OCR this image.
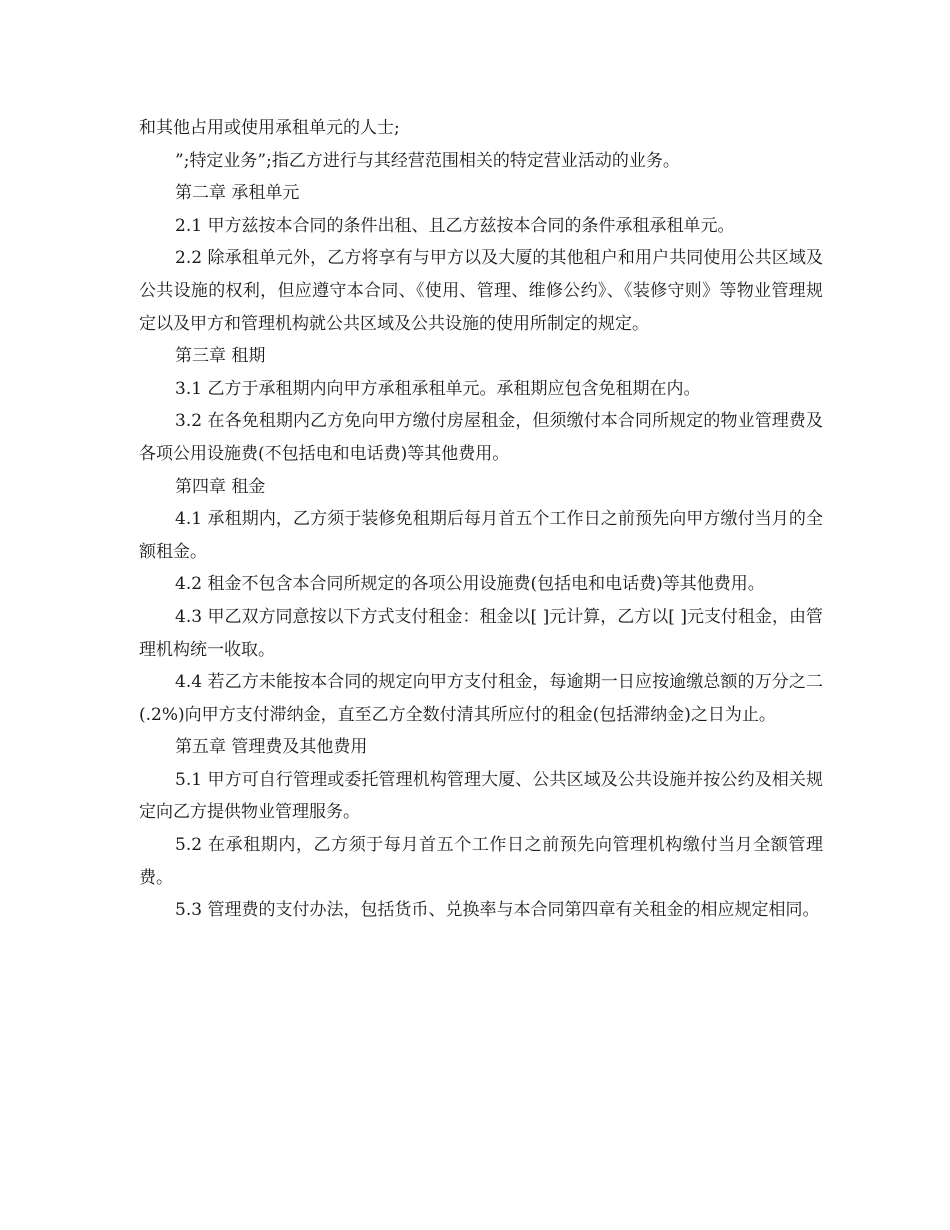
和其他占用或使用承租单元的人士;

”;特定业务”;指乙方进行与其经营范围相关的特定营业活动的业务。

第二章 承租单元

2.1 甲方兹按本合同的条件出租、且乙方兹按本合同的条件承租承租单元。

2.2 除承租单元外，乙方将享有与甲方以及大厦的其他租户和用户共同使用公共区域及公共设施的权利，但应遵守本合同、《使用、管理、维修公约》、《装修守则》等物业管理规定以及甲方和管理机构就公共区域及公共设施的使用所制定的规定。

第三章 租期

3.1 乙方于承租期内向甲方承租承租单元。承租期应包含免租期在内。

3.2 在各免租期内乙方免向甲方缴付房屋租金，但须缴付本合同所规定的物业管理费及各项公用设施费(不包括电和电话费)等其他费用。

第四章 租金

4.1 承租期内，乙方须于装修免租期后每月首五个工作日之前预先向甲方缴付当月的全额租金。

4.2 租金不包含本合同所规定的各项公用设施费(包括电和电话费)等其他费用。

4.3 甲乙双方同意按以下方式支付租金：租金以[ ]元计算，乙方以[ ]元支付租金，由管理机构统一收取。

4.4 若乙方未能按本合同的规定向甲方支付租金，每逾期一日应按逾缴总额的万分之二(.2%)向甲方支付滞纳金，直至乙方全数付清其所应付的租金(包括滞纳金)之日为止。

第五章 管理费及其他费用

5.1 甲方可自行管理或委托管理机构管理大厦、公共区域及公共设施并按公约及相关规定向乙方提供物业管理服务。

5.2 在承租期内，乙方须于每月首五个工作日之前预先向管理机构缴付当月全额管理费。

5.3 管理费的支付办法，包括货币、兑换率与本合同第四章有关租金的相应规定相同。
